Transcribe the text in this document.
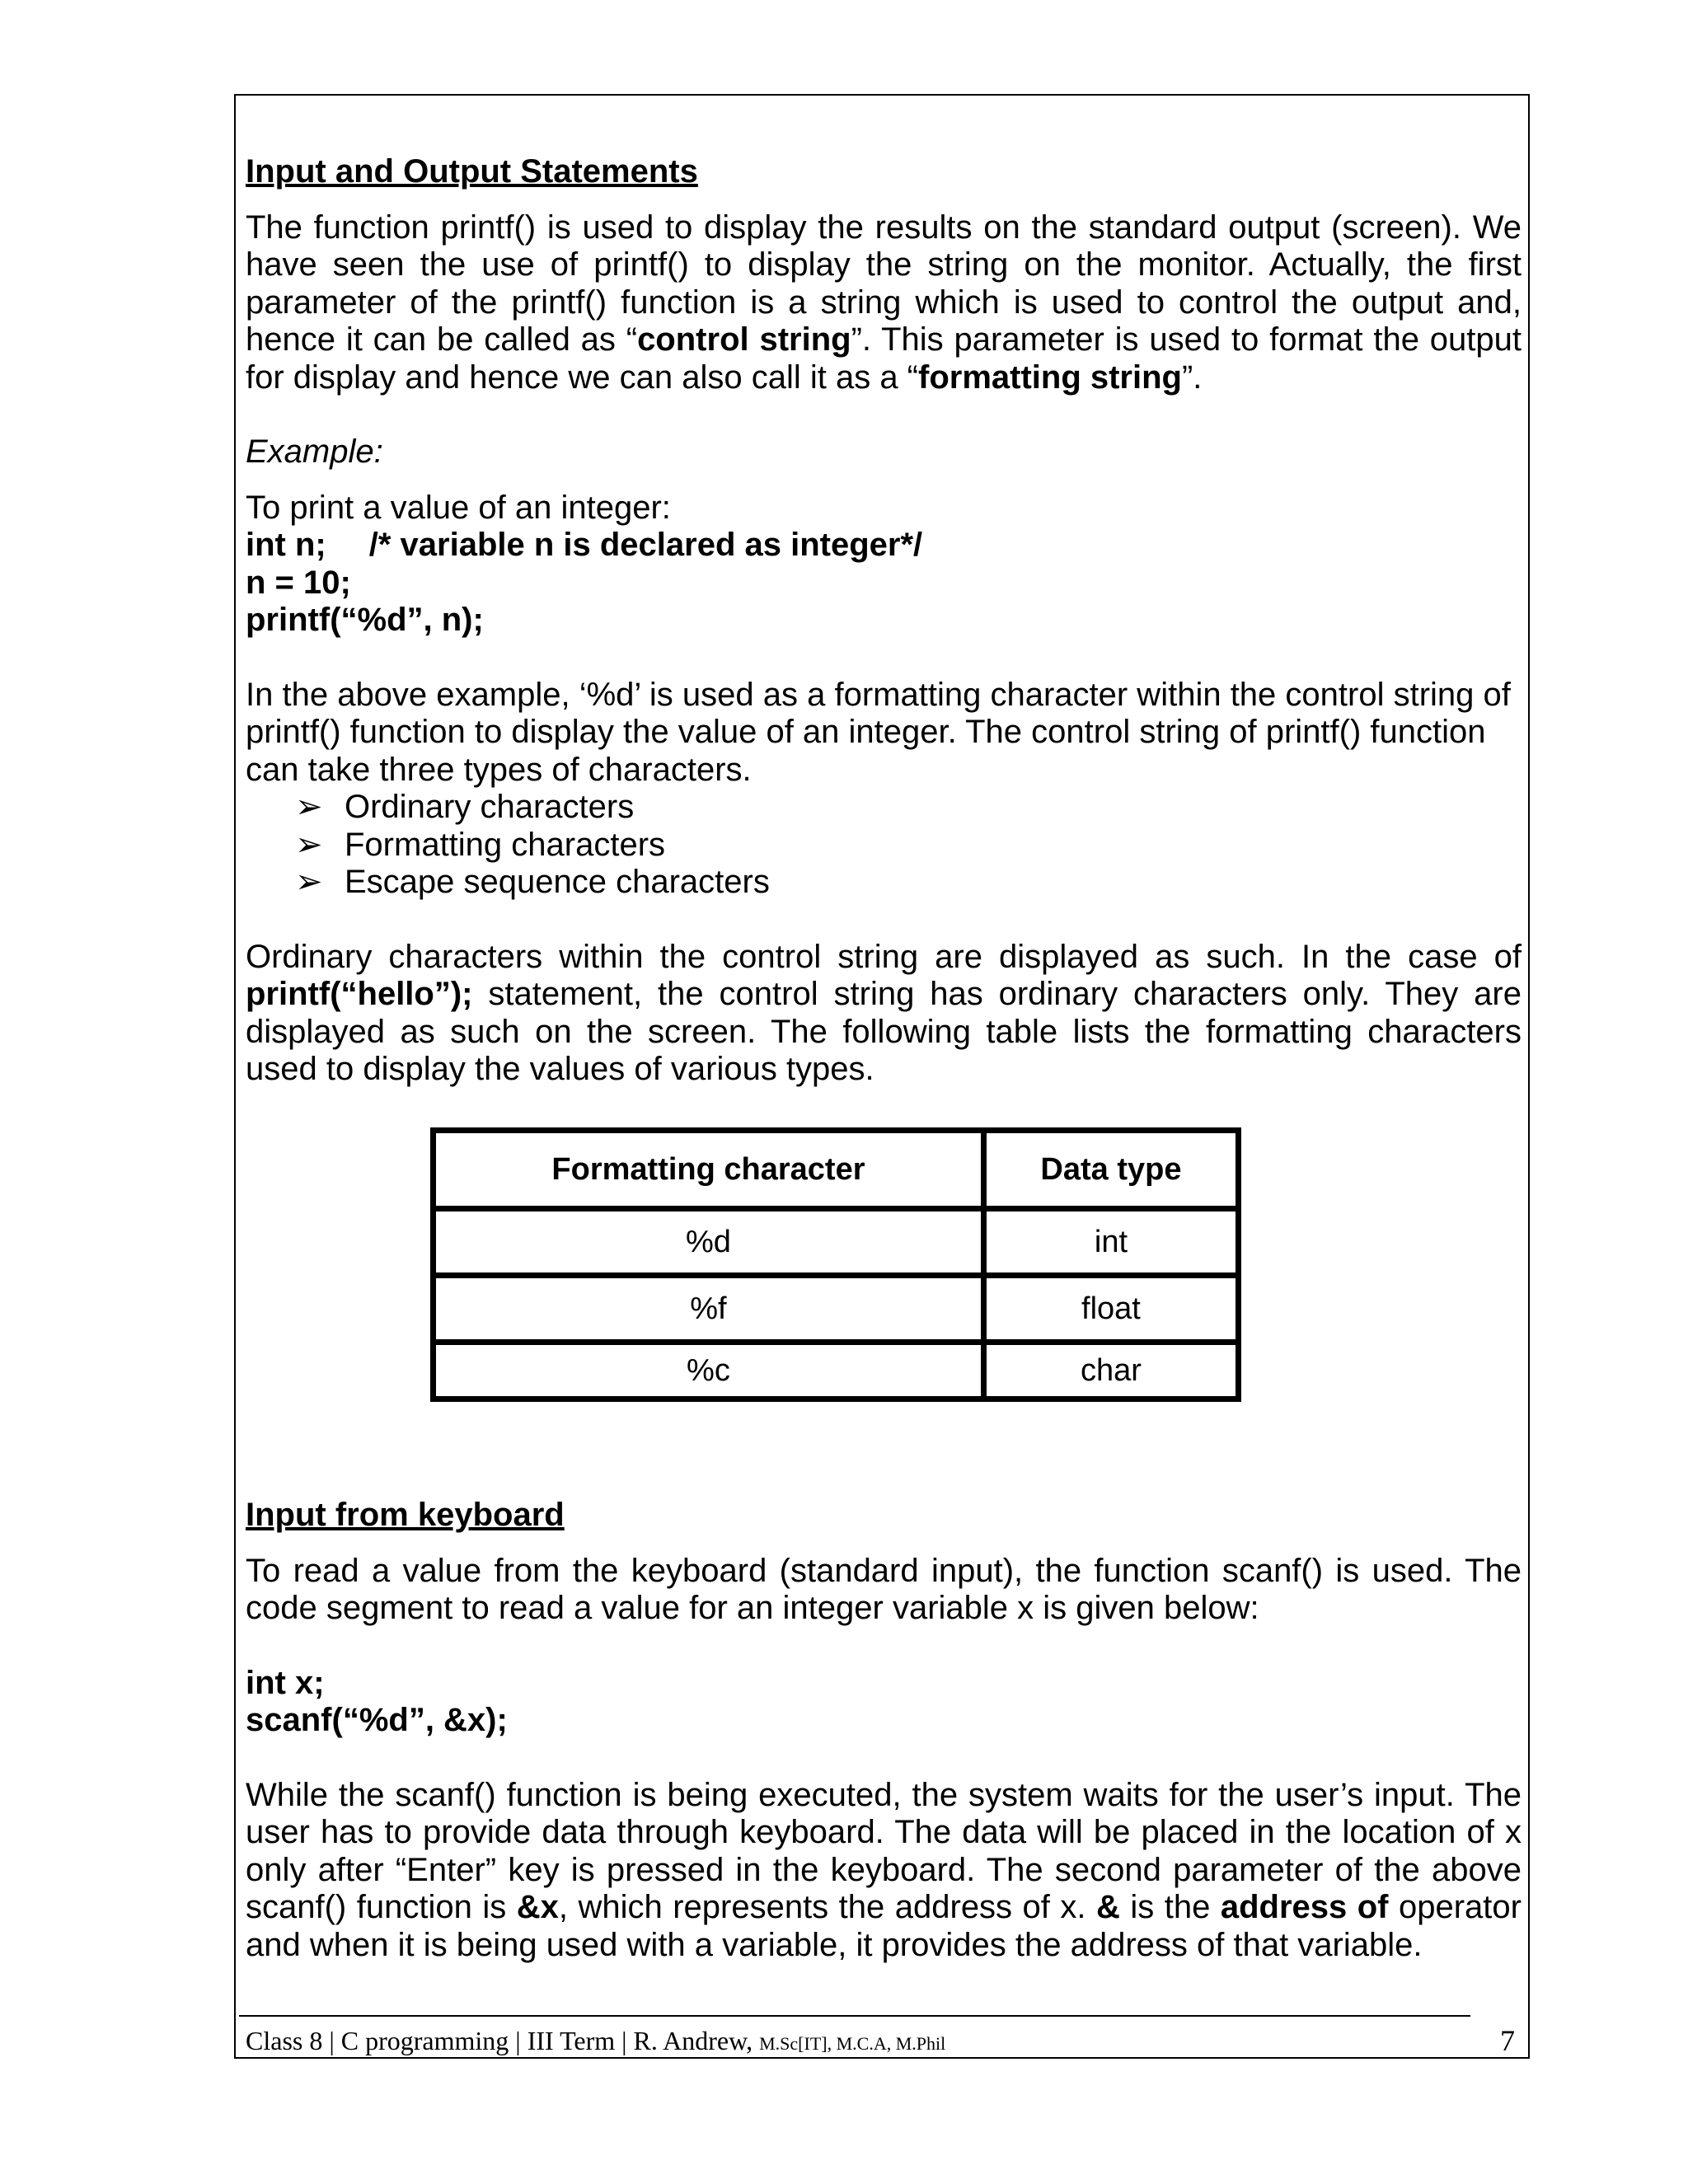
Input and Output Statements

The function printf() is used to display the results on the standard output (screen). We have seen the use of printf() to display the string on the monitor. Actually, the first parameter of the printf() function is a string which is used to control the output and, hence it can be called as “control string”. This parameter is used to format the output for display and hence we can also call it as a “formatting string”.

Example:

To print a value of an integer:

int n; /* variable n is declared as integer*/
n = 10;
printf(“%d”, n);

In the above example, ‘%d’ is used as a formatting character within the control string of printf() function to display the value of an integer. The control string of printf() function can take three types of characters.

➢ Ordinary characters
➢ Formatting characters
➢ Escape sequence characters

Ordinary characters within the control string are displayed as such. In the case of printf(“hello”); statement, the control string has ordinary characters only. They are displayed as such on the screen. The following table lists the formatting characters used to display the values of various types.

Formatting character	Data type
%d	int
%f	float
%c	char
Input from keyboard

To read a value from the keyboard (standard input), the function scanf() is used. The code segment to read a value for an integer variable x is given below:

int x;
scanf(“%d”, &x);

While the scanf() function is being executed, the system waits for the user’s input. The user has to provide data through keyboard. The data will be placed in the location of x only after “Enter” key is pressed in the keyboard. The second parameter of the above scanf() function is &x, which represents the address of x. & is the address of operator and when it is being used with a variable, it provides the address of that variable.

Class 8 | C programming | III Term | R. Andrew, M.Sc[IT], M.C.A, M.Phil	7
